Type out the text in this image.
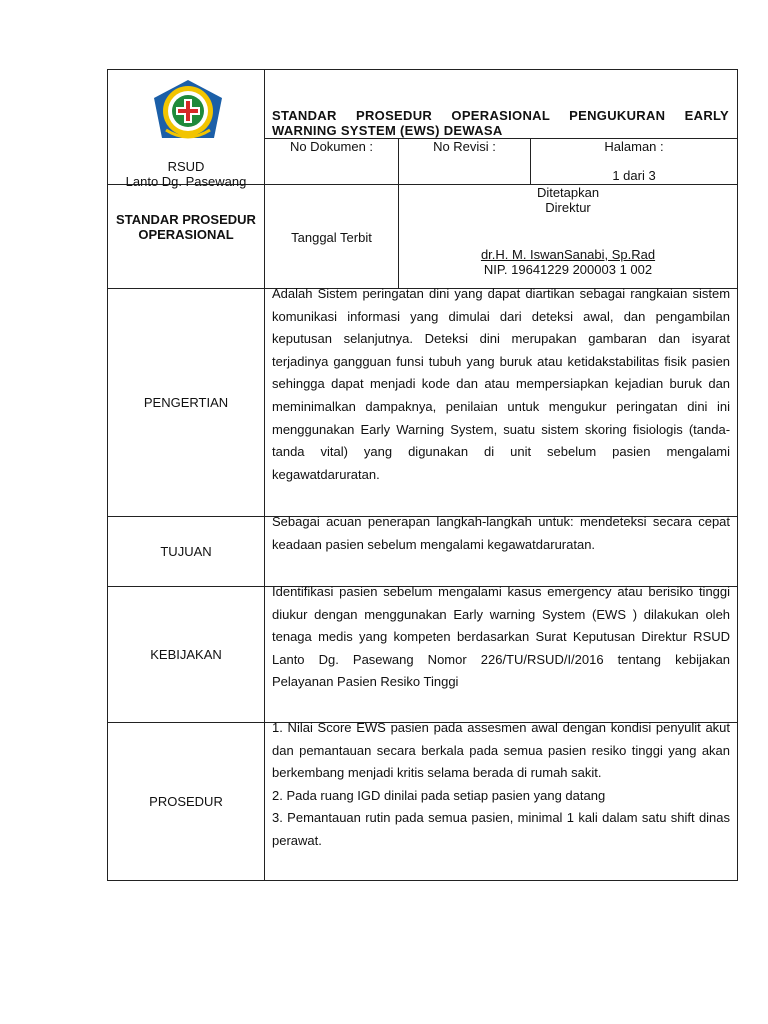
RSUD
Lanto Dg. Pasewang	STANDAR PROSEDUR OPERASIONAL PENGUKURAN EARLY WARNING SYSTEM (EWS) DEWASA		

	No Dokumen :	No Revisi :	Halaman :
1 dari 3

STANDAR PROSEDUR OPERASIONAL	Tanggal Terbit	Ditetapkan
Direktur
dr.H. M. IswanSanabi, Sp.Rad
NIP. 19641229 200003 1 002	

PENGERTIAN	Adalah Sistem peringatan dini yang dapat diartikan sebagai rangkaian sistem komunikasi informasi yang dimulai dari deteksi awal, dan pengambilan keputusan selanjutnya. Deteksi dini merupakan gambaran dan isyarat terjadinya gangguan funsi tubuh yang buruk atau ketidakstabilitas fisik pasien sehingga dapat menjadi kode dan atau mempersiapkan kejadian buruk dan meminimalkan dampaknya, penilaian untuk mengukur peringatan dini ini menggunakan Early Warning System, suatu sistem skoring fisiologis (tanda-tanda vital) yang digunakan di unit sebelum pasien mengalami kegawatdaruratan.		

TUJUAN	Sebagai acuan penerapan langkah-langkah untuk: mendeteksi secara cepat keadaan pasien sebelum mengalami kegawatdaruratan.		

KEBIJAKAN	Identifikasi pasien sebelum mengalami kasus emergency atau berisiko tinggi diukur dengan menggunakan Early warning System (EWS ) dilakukan oleh tenaga medis yang kompeten berdasarkan Surat Keputusan Direktur RSUD Lanto Dg. Pasewang Nomor 226/TU/RSUD/I/2016 tentang kebijakan Pelayanan Pasien Resiko Tinggi		

PROSEDUR	1. Nilai Score EWS pasien pada assesmen awal dengan kondisi penyulit akut dan pemantauan secara berkala pada semua pasien resiko tinggi yang akan berkembang menjadi kritis selama berada di rumah sakit.

2. Pada ruang IGD dinilai pada setiap pasien yang datang

3. Pemantauan rutin pada semua pasien, minimal 1 kali dalam satu shift dinas perawat.		
